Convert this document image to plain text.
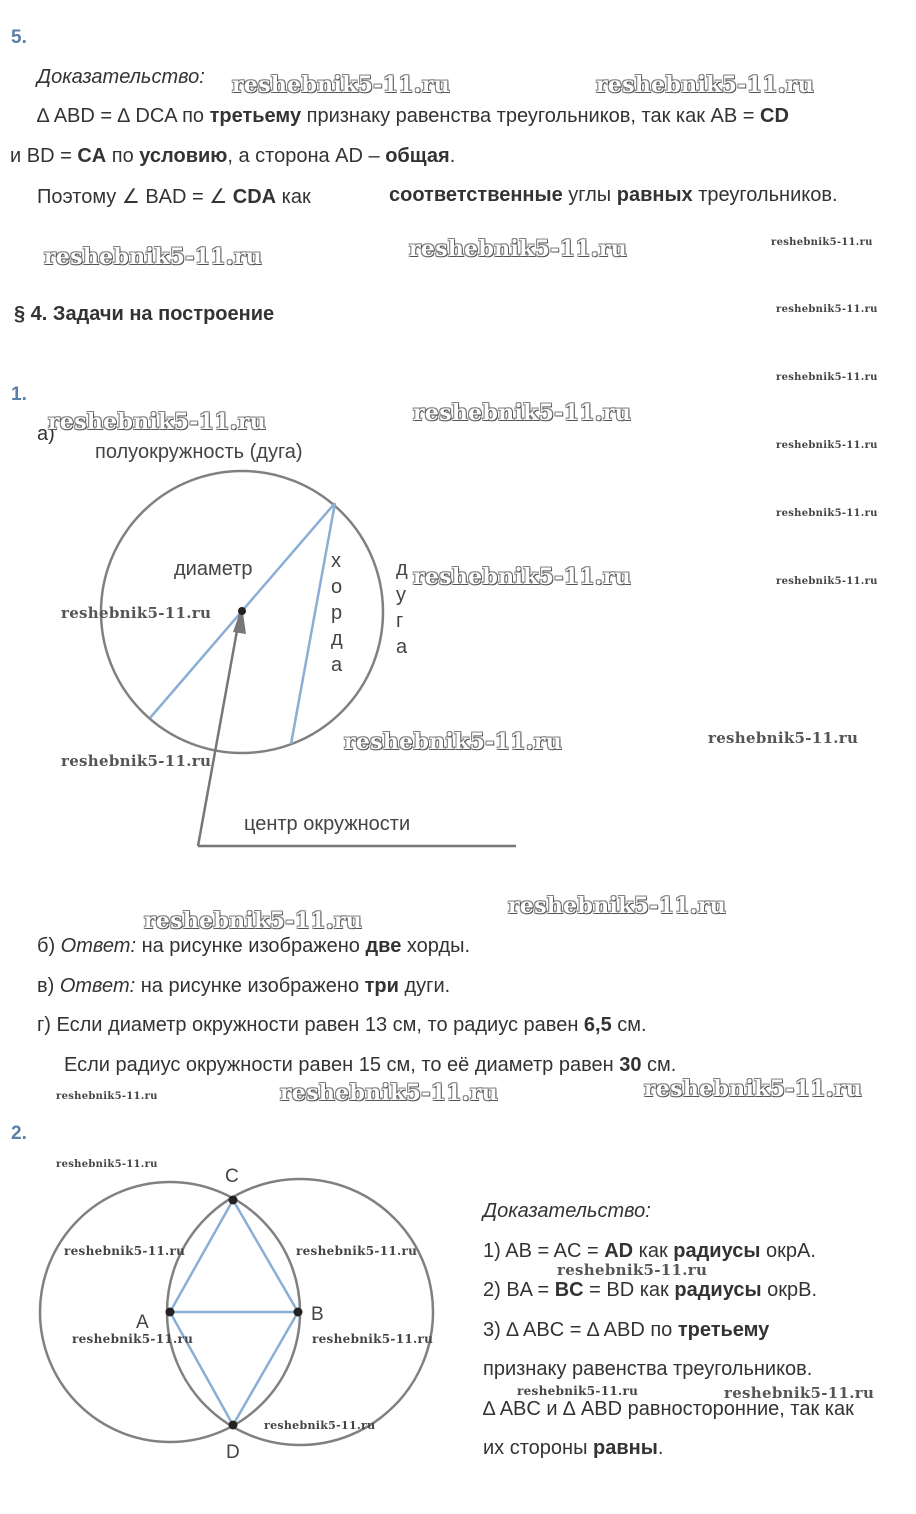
5.
Доказательство:
∆ ABD = ∆ DCA по третьему признаку равенства треугольников, так как AB = CD
и BD = CA по условию, а сторона AD – общая.
Поэтому ∠ BAD = ∠ CDA как	соответственные углы равных треугольников.
§ 4. Задачи на построение
1.
а)
полуокружность (дуга)
диаметр	х
о
р
д
а
д
у
г
а
центр окружности
б) Ответ: на рисунке изображено две хорды.
в) Ответ: на рисунке изображено три дуги.
г) Если диаметр окружности равен 13 см, то радиус равен 6,5 см.
Если радиус окружности равен 15 см, то её диаметр равен 30 см.
2.
C
A	B
D
Доказательство:
1) AB = AC = AD как радиусы окрA.
2) BA = BC = BD как радиусы окрB.
3) ∆ ABC = ∆ ABD по третьему
признаку равенства треугольников.
∆ ABC и ∆ ABD равносторонние, так как
их стороны равны.
reshebnik5-11.ru	reshebnik5-11.ru
reshebnik5-11.ru	reshebnik5-11.ru
reshebnik5-11.ru	reshebnik5-11.ru
reshebnik5-11.ru
reshebnik5-11.ru
reshebnik5-11.ru
reshebnik5-11.ru
reshebnik5-11.ru	reshebnik5-11.ru
reshebnik5-11.ru
reshebnik5-11.ru
reshebnik5-11.ru
reshebnik5-11.ru
reshebnik5-11.ru
reshebnik5-11.ru
reshebnik5-11.ru
reshebnik5-11.ru
reshebnik5-11.ru
reshebnik5-11.ru
reshebnik5-11.ru
reshebnik5-11.ru
reshebnik5-11.ru
reshebnik5-11.ru	reshebnik5-11.ru
reshebnik5-11.ru	reshebnik5-11.ru
reshebnik5-11.ru
reshebnik5-11.ru
